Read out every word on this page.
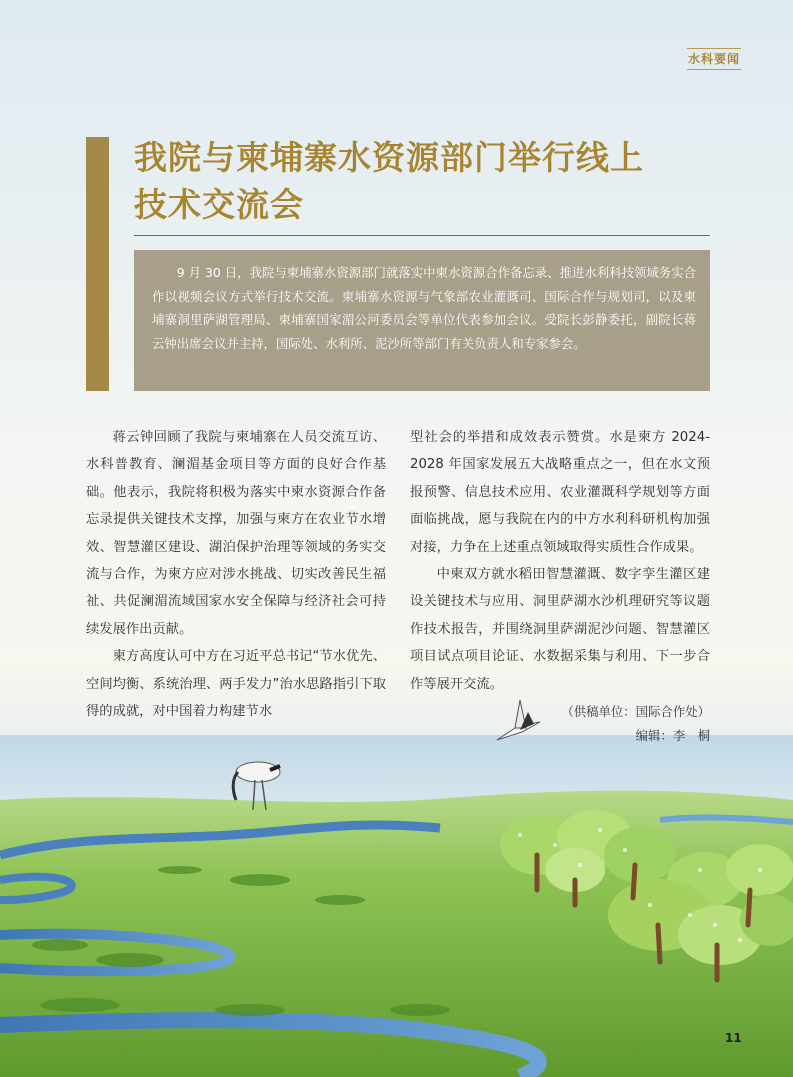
水科要闻
我院与柬埔寨水资源部门举行线上
技术交流会

9 月 30 日，我院与柬埔寨水资源部门就落实中柬水资源合作备忘录、推进水利科技领域务实合作以视频会议方式举行技术交流。柬埔寨水资源与气象部农业灌溉司、国际合作与规划司，以及柬埔寨洞里萨湖管理局、柬埔寨国家湄公河委员会等单位代表参加会议。受院长彭静委托，副院长蒋云钟出席会议并主持，国际处、水利所、泥沙所等部门有关负责人和专家参会。

蒋云钟回顾了我院与柬埔寨在人员交流互访、水科普教育、澜湄基金项目等方面的良好合作基础。他表示，我院将积极为落实中柬水资源合作备忘录提供关键技术支撑，加强与柬方在农业节水增效、智慧灌区建设、湖泊保护治理等领域的务实交流与合作，为柬方应对涉水挑战、切实改善民生福祉、共促澜湄流域国家水安全保障与经济社会可持续发展作出贡献。

柬方高度认可中方在习近平总书记“节水优先、空间均衡、系统治理、两手发力”治水思路指引下取得的成就，对中国着力构建节水

型社会的举措和成效表示赞赏。水是柬方 2024-2028 年国家发展五大战略重点之一，但在水文预报预警、信息技术应用、农业灌溉科学规划等方面面临挑战，愿与我院在内的中方水利科研机构加强对接，力争在上述重点领域取得实质性合作成果。

中柬双方就水稻田智慧灌溉、数字孪生灌区建设关键技术与应用、洞里萨湖水沙机理研究等议题作技术报告，并围绕洞里萨湖泥沙问题、智慧灌区项目试点项目论证、水数据采集与利用、下一步合作等展开交流。

（供稿单位：国际合作处）
编辑：李　桐
11
